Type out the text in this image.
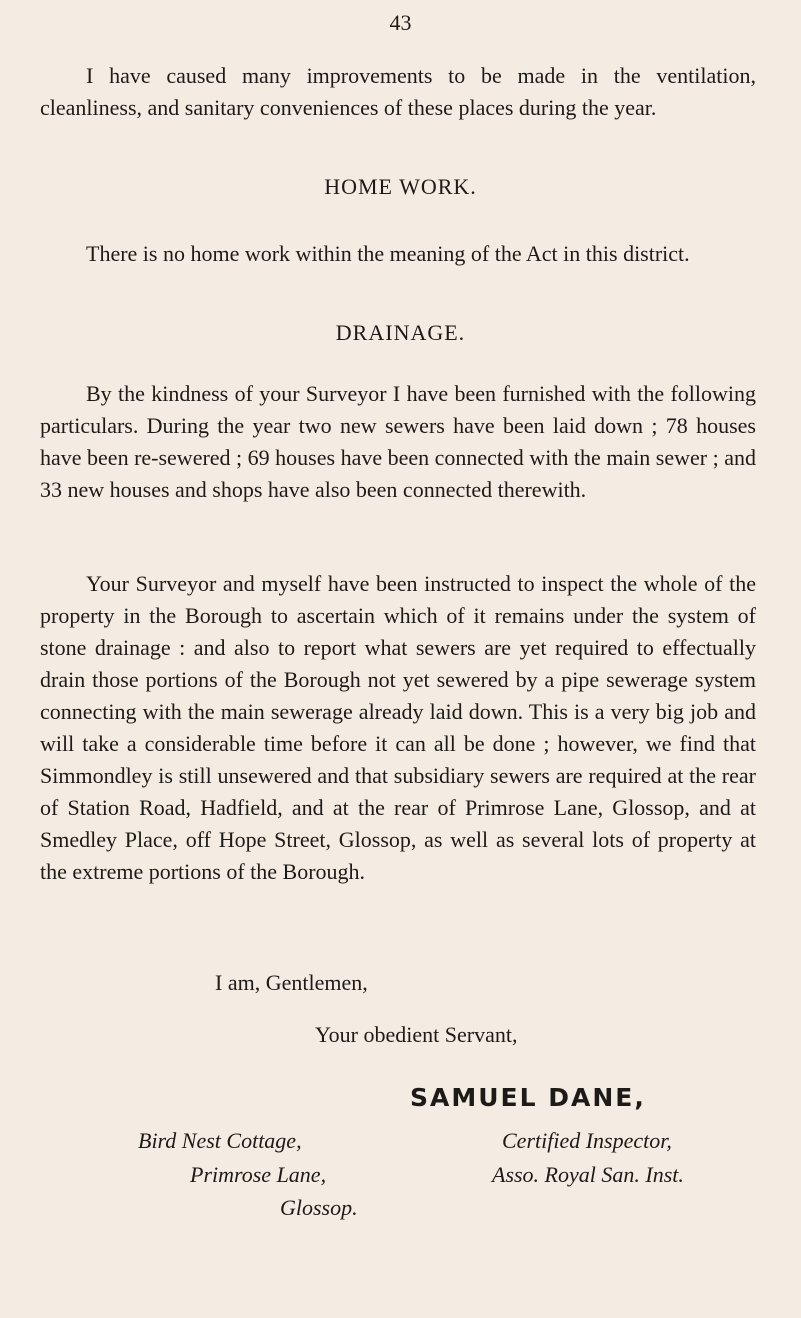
43

I have caused many improvements to be made in the ventilation, cleanliness, and sanitary conveniences of these places during the year.

HOME WORK.

There is no home work within the meaning of the Act in this district.

DRAINAGE.

By the kindness of your Surveyor I have been furnished with the following particulars. During the year two new sewers have been laid down ; 78 houses have been re-sewered ; 69 houses have been connected with the main sewer ; and 33 new houses and shops have also been connected therewith.

Your Surveyor and myself have been instructed to inspect the whole of the property in the Borough to ascertain which of it remains under the system of stone drainage : and also to report what sewers are yet required to effectually drain those portions of the Borough not yet sewered by a pipe sewerage system connecting with the main sewerage already laid down. This is a very big job and will take a considerable time before it can all be done ; however, we find that Simmondley is still unsewered and that subsidiary sewers are required at the rear of Station Road, Hadfield, and at the rear of Primrose Lane, Glossop, and at Smedley Place, off Hope Street, Glossop, as well as several lots of property at the extreme portions of the Borough.

I am, Gentlemen,

Your obedient Servant,

SAMUEL DANE,

Bird Nest Cottage,

Primrose Lane,

Glossop.

Certified Inspector,

Asso. Royal San. Inst.
